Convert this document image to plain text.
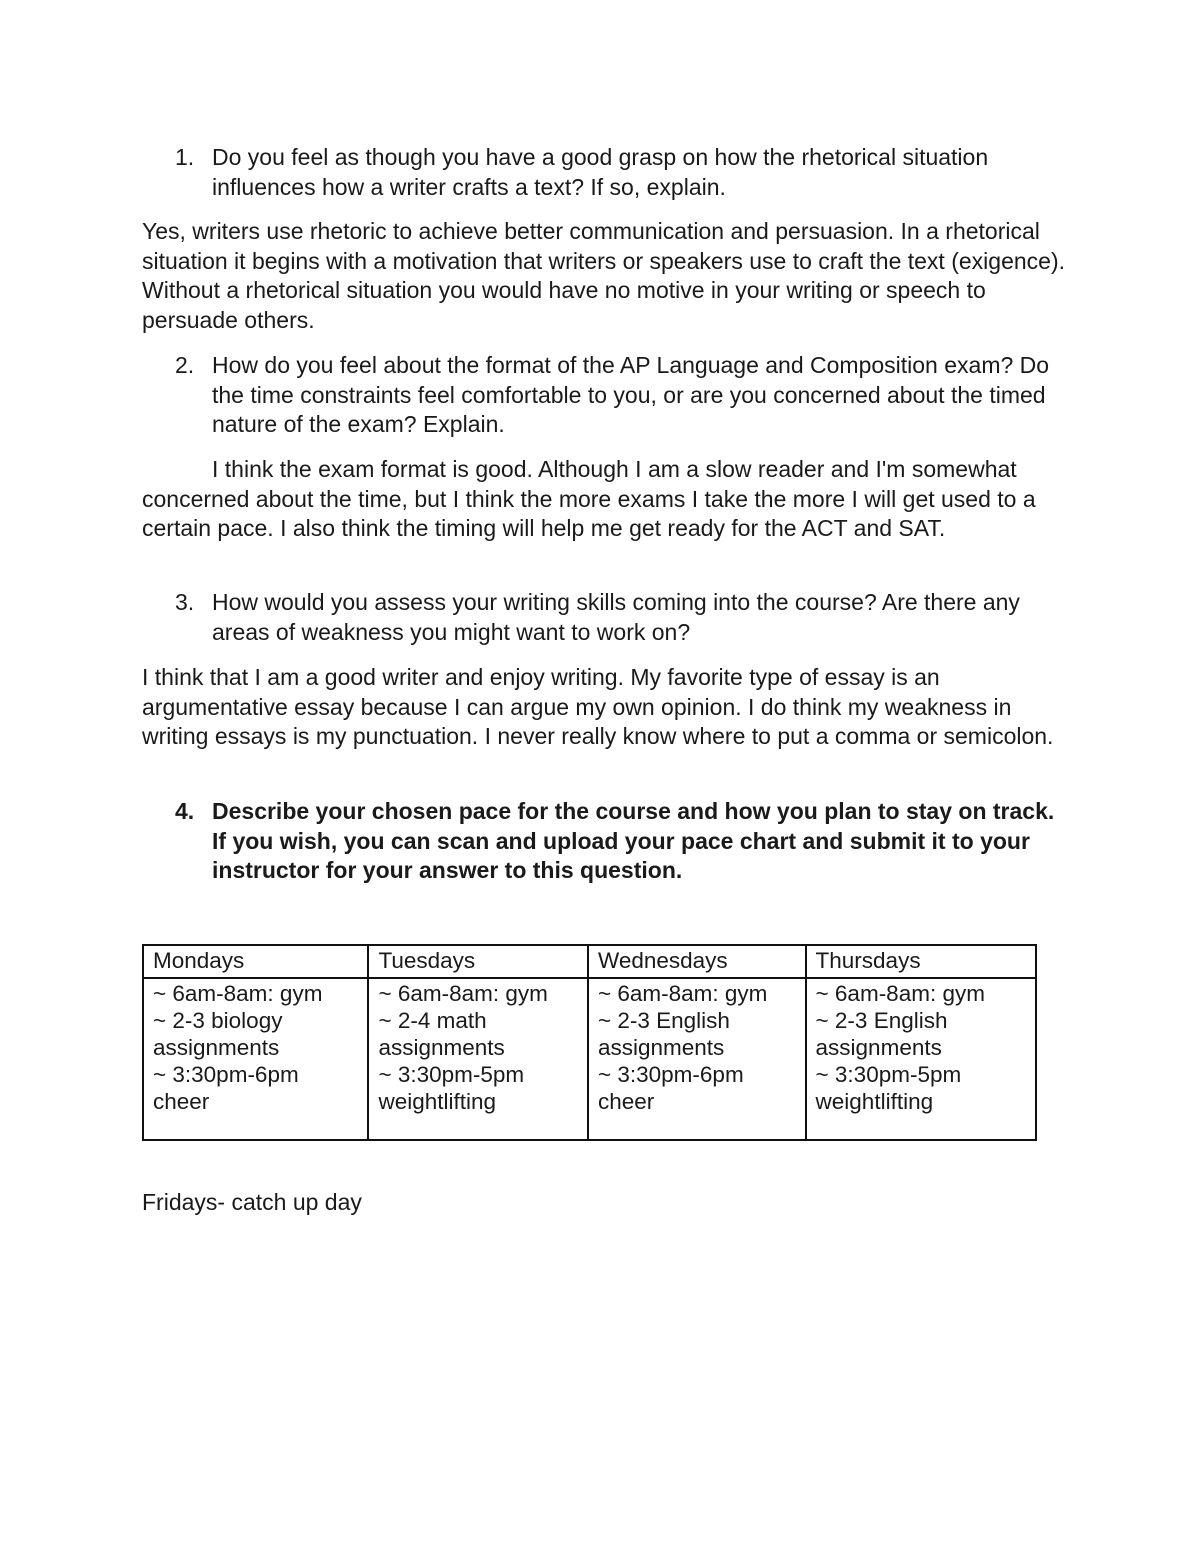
1. Do you feel as though you have a good grasp on how the rhetorical situation influences how a writer crafts a text? If so, explain.
Yes, writers use rhetoric to achieve better communication and persuasion. In a rhetorical situation it begins with a motivation that writers or speakers use to craft the text (exigence). Without a rhetorical situation you would have no motive in your writing or speech to persuade others.
2. How do you feel about the format of the AP Language and Composition exam? Do the time constraints feel comfortable to you, or are you concerned about the timed nature of the exam? Explain.
I think the exam format is good. Although I am a slow reader and I'm somewhat concerned about the time, but I think the more exams I take the more I will get used to a certain pace. I also think the timing will help me get ready for the ACT and SAT.
3. How would you assess your writing skills coming into the course? Are there any areas of weakness you might want to work on?
I think that I am a good writer and enjoy writing. My favorite type of essay is an argumentative essay because I can argue my own opinion. I do think my weakness in writing essays is my punctuation. I never really know where to put a comma or semicolon.
4. Describe your chosen pace for the course and how you plan to stay on track. If you wish, you can scan and upload your pace chart and submit it to your instructor for your answer to this question.
Mondays	Tuesdays	Wednesdays	Thursdays

~ 6am-8am: gym
~ 2-3 biology
assignments
~ 3:30pm-6pm
cheer	~ 6am-8am: gym
~ 2-4 math
assignments
~ 3:30pm-5pm
weightlifting	~ 6am-8am: gym
~ 2-3 English
assignments
~ 3:30pm-6pm
cheer	~ 6am-8am: gym
~ 2-3 English
assignments
~ 3:30pm-5pm
weightlifting
Fridays- catch up day
